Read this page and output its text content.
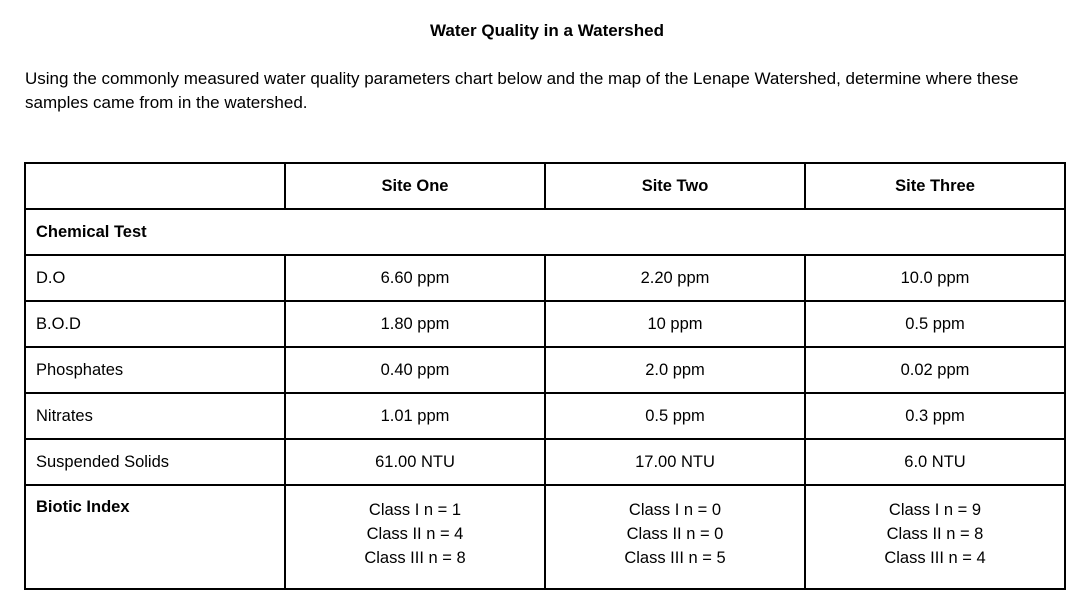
Water Quality in a Watershed
Using the commonly measured water quality parameters chart below and the map of the Lenape Watershed, determine where these samples came from in the watershed.
	Site One	Site Two	Site Three
Chemical Test			
D.O	6.60 ppm	2.20 ppm	10.0 ppm
B.O.D	1.80 ppm	10 ppm	0.5 ppm
Phosphates	0.40 ppm	2.0 ppm	0.02 ppm
Nitrates	1.01 ppm	0.5 ppm	0.3 ppm
Suspended Solids	61.00 NTU	17.00 NTU	6.0 NTU
Biotic Index	Class I n = 1
Class II n = 4
Class III n = 8	Class I n = 0
Class II n = 0
Class III n = 5	Class I n = 9
Class II n = 8
Class III n = 4
